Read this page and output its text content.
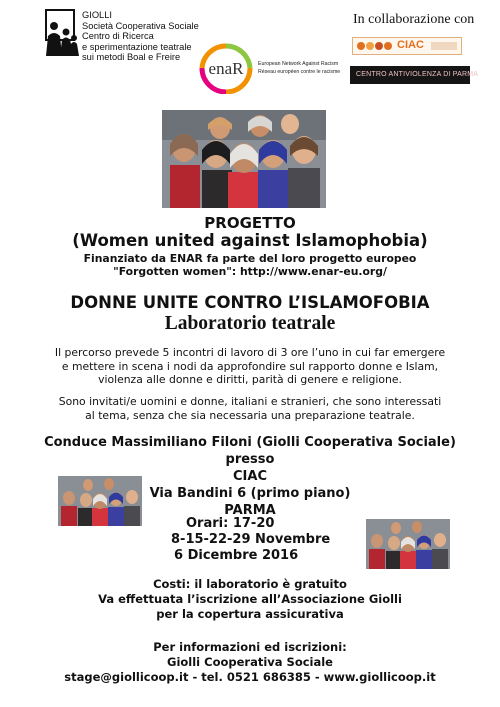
GIOLLI
Società Cooperativa Sociale
Centro di Ricerca
e sperimentazione teatrale
sui metodi Boal e Freire
enaR	European Network Against Racism
Réseau européen contre le racisme
In collaborazione con
CIAC
CENTRO ANTIVIOLENZA DI PARMA
PROGETTO
(Women united against Islamophobia)
Finanziato da ENAR fa parte del loro progetto europeo
"Forgotten women": http://www.enar-eu.org/
DONNE UNITE CONTRO L’ISLAMOFOBIA
Laboratorio teatrale
Il percorso prevede 5 incontri di lavoro di 3 ore l’uno in cui far emergere
e mettere in scena i nodi da approfondire sul rapporto donne e Islam,
violenza alle donne e diritti, parità di genere e religione.
Sono invitati/e uomini e donne, italiani e stranieri, che sono interessati
al tema, senza che sia necessaria una preparazione teatrale.
Conduce Massimiliano Filoni (Giolli Cooperativa Sociale)
presso
CIAC
Via Bandini 6 (primo piano)
PARMA
Orari: 17-20
8-15-22-29 Novembre
6 Dicembre 2016
Costi: il laboratorio è gratuito
Va effettuata l’iscrizione all’Associazione Giolli
per la copertura assicurativa
Per informazioni ed iscrizioni:
Giolli Cooperativa Sociale
stage@giollicoop.it - tel. 0521 686385 - www.giollicoop.it
